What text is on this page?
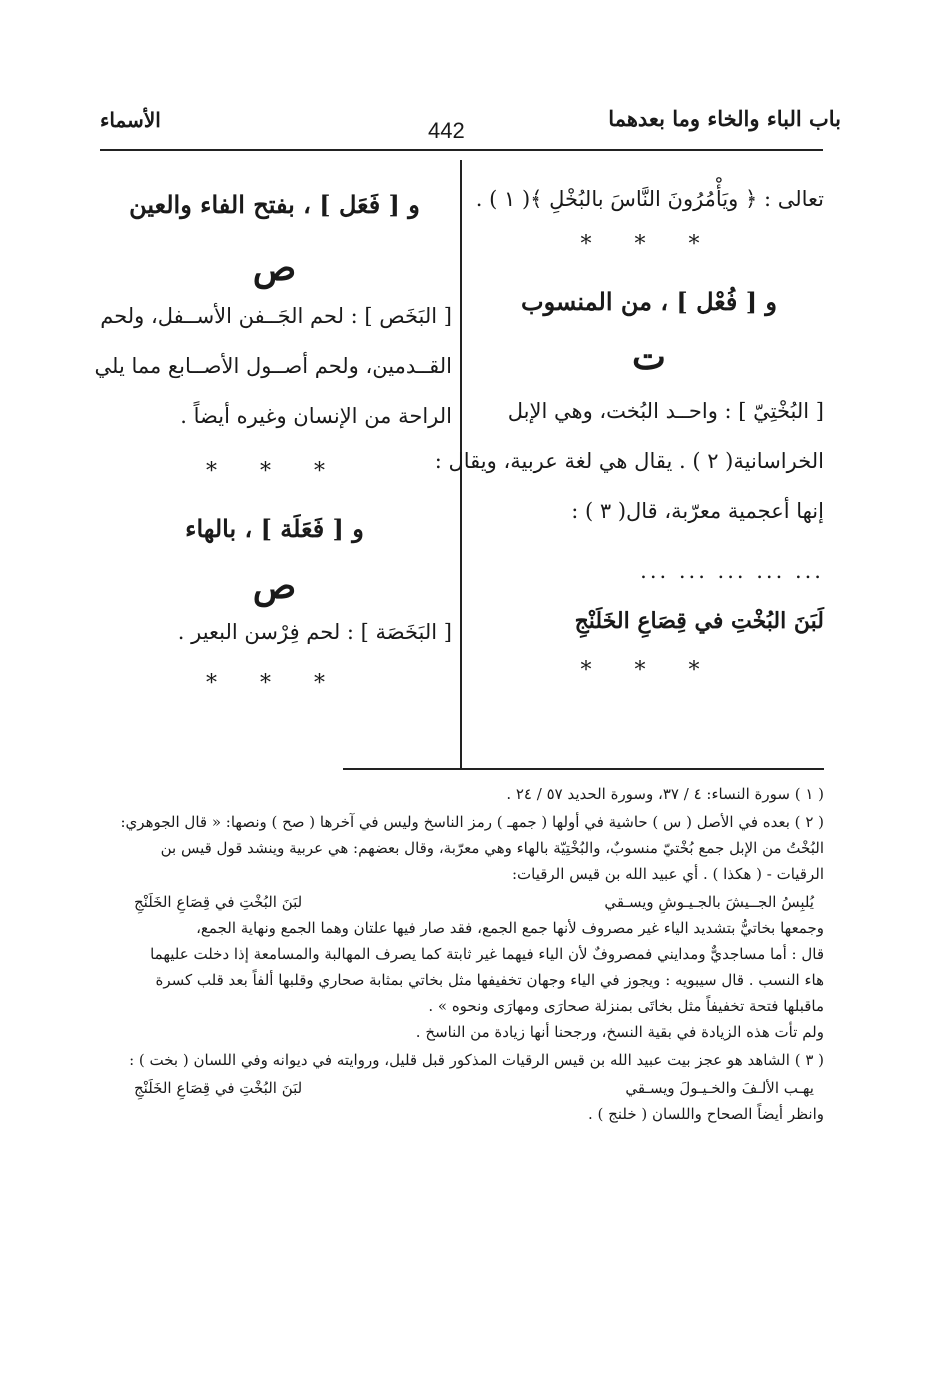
باب الباء والخاء وما بعدهما
442
الأسماء
تعالى : ﴿ ويَأْمُرُونَ النَّاسَ بالبُخْلِ ﴾( ١ ) .
* * *
و [ فُعْل ] ، من المنسوب
ت
[ البُخْتِيّ ] : واحــد البُخت، وهي الإبل
الخراسانية( ٢ ) . يقال هي لغة عربية، ويقال :
إنها أعجمية معرّبة، قال( ٣ ) :
... ... ... ... ...
لَبَنَ البُخْتِ في قِصَاعِ الخَلَنْجِ
* * *
و [ فَعَل ] ، بفتح الفاء والعين
ص
[ البَخَص ] : لحم الجَــفن الأســفل، ولحم
القــدمين، ولحم أصــول الأصــابع مما يلي
الراحة من الإنسان وغيره أيضاً .
* * *
و [ فَعَلَة ] ، بالهاء
ص
[ البَخَصَة ] : لحم فِرْسن البعير .
* * *

( ١ ) سورة النساء: ٤ / ٣٧، وسورة الحديد ٥٧ / ٢٤ .

( ٢ ) بعده في الأصل ( س ) حاشية في أولها ( جمهـ ) رمز الناسخ وليس في آخرها ( صح ) ونصها: « قال الجوهري:

البُخْتُ من الإبل جمع بُخْتيّ منسوبٌ، والبُخْتِيّة بالهاء وهي معرّبة، وقال بعضهم: هي عربية وينشد قول قيس بن

الرقيات - ( هكذا ) . أي عبيد الله بن قيس الرقيات:

يُلبِسُ الجــيشَ بالجـيـوشِ ويسـقي
لبَنَ البُخْتِ في قِصَاعِ الخَلَنْجِ

وجمعها بخاتيُّ بتشديد الياء غير مصروف لأنها جمع الجمع، فقد صار فيها علتان وهما الجمع ونهاية الجمع،

قال : أما مساجديٌّ ومدايني فمصروفٌ لأن الياء فيهما غير ثابتة كما يصرف المهالبة والمسامعة إذا دخلت عليهما

هاء النسب . قال سيبويه : ويجوز في الياء وجهان تخفيفها مثل بخاتي بمثابة صحاري وقلبها ألفاً بعد قلب كسرة

ماقبلها فتحة تخفيفاً مثل بخاتَى بمنزلة صحارَى ومهارَى ونحوه » .

ولم تأت هذه الزيادة في بقية النسخ، ورجحنا أنها زيادة من الناسخ .

( ٣ ) الشاهد هو عجز بيت عبيد الله بن قيس الرقيات المذكور قبل قليل، وروايته في ديوانه وفي اللسان ( بخت ) :

يهـب الألـفَ والخـيـولَ ويسـقي
لبَنَ البُخْتِ في قِصَاعِ الخَلَنْجِ

وانظر أيضاً الصحاح واللسان ( خلنج ) .
